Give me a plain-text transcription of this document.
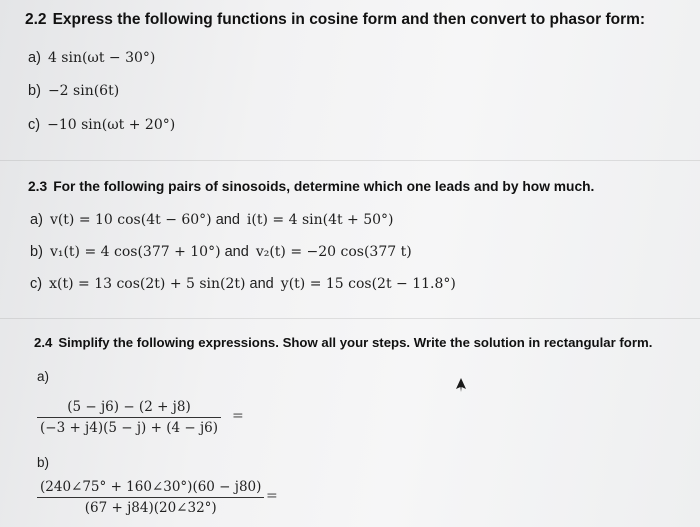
2.2 Express the following functions in cosine form and then convert to phasor form:
a) 4 sin(ωt − 30°)
b) −2 sin(6t)
c) −10 sin(ωt + 20°)
2.3 For the following pairs of sinosoids, determine which one leads and by how much.
a) v(t) = 10 cos(4t − 60°) and i(t) = 4 sin(4t + 50°)
b) v₁(t) = 4 cos(377 + 10°) and v₂(t) = −20 cos(377 t)
c) x(t) = 13 cos(2t) + 5 sin(2t) and y(t) = 15 cos(2t − 11.8°)
2.4 Simplify the following expressions. Show all your steps. Write the solution in rectangular form.
a)
(5 − j6) − (2 + j8)
(−3 + j4)(5 − j) + (4 − j6)
=
b)
(240∠75° + 160∠30°)(60 − j80)
(67 + j84)(20∠32°)
=
